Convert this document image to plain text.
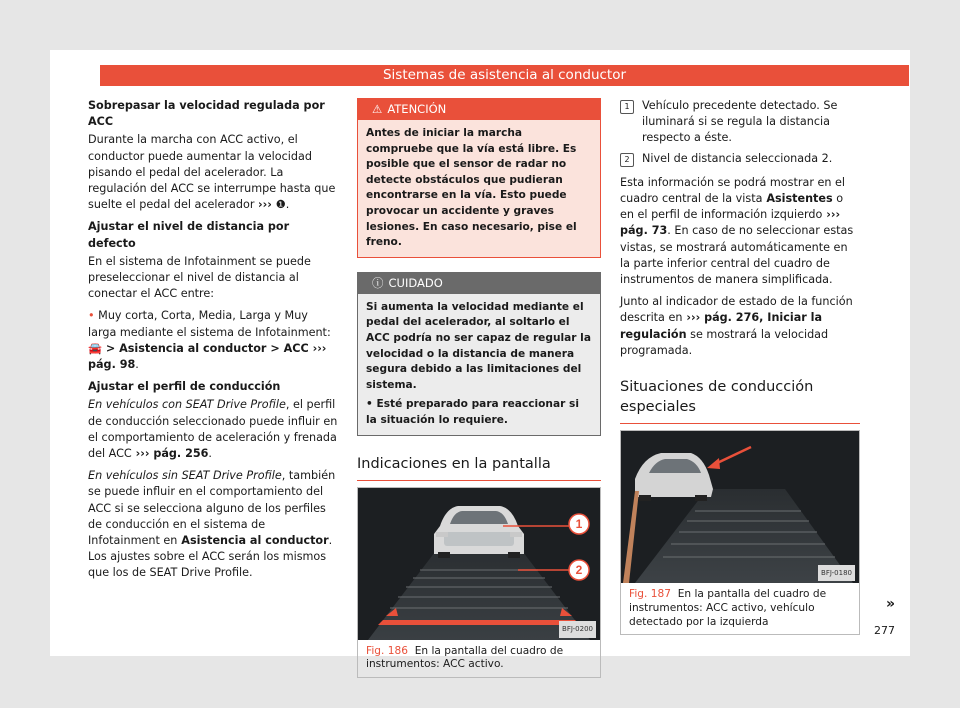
Sistemas de asistencia al conductor

Sobrepasar la velocidad regulada por ACC

Durante la marcha con ACC activo, el conductor puede aumentar la velocidad pisando el pedal del acelerador. La regulación del ACC se interrumpe hasta que suelte el pedal del acelerador ››› ❶.

Ajustar el nivel de distancia por defecto

En el sistema de Infotainment se puede preseleccionar el nivel de distancia al conectar el ACC entre:

• Muy corta, Corta, Media, Larga y Muy larga mediante el sistema de Infotainment: 🚘 > Asistencia al conductor > ACC ››› pág. 98.

Ajustar el perfil de conducción

En vehículos con SEAT Drive Profile, el perfil de conducción seleccionado puede influir en el comportamiento de aceleración y frenada del ACC ››› pág. 256.

En vehículos sin SEAT Drive Profile, también se puede influir en el comportamiento del ACC si se selecciona alguno de los perfiles de conducción en el sistema de Infotainment en Asistencia al conductor. Los ajustes sobre el ACC serán los mismos que los de SEAT Drive Profile.

⚠ ATENCIÓN
Antes de iniciar la marcha compruebe que la vía está libre. Es posible que el sensor de radar no detecte obstáculos que pudieran encontrarse en la vía. Esto puede provocar un accidente y graves lesiones. En caso necesario, pise el freno.
ⓘ CUIDADO
Si aumenta la velocidad mediante el pedal del acelerador, al soltarlo el ACC podría no ser capaz de regular la velocidad o la distancia de manera segura debido a las limitaciones del sistema.
• Esté preparado para reaccionar si la situación lo requiere.
Indicaciones en la pantalla
1
2
BFJ-0200
Fig. 186 En la pantalla del cuadro de instrumentos: ACC activo.
1	Vehículo precedente detectado. Se iluminará si se regula la distancia respecto a éste.
2	Nivel de distancia seleccionada 2.

Esta información se podrá mostrar en el cuadro central de la vista Asistentes o en el perfil de información izquierdo ››› pág. 73. En caso de no seleccionar estas vistas, se mostrará automáticamente en la parte inferior central del cuadro de instrumentos de manera simplificada.

Junto al indicador de estado de la función descrita en ››› pág. 276, Iniciar la regulación se mostrará la velocidad programada.

Situaciones de conducción especiales
BFJ-0180
Fig. 187 En la pantalla del cuadro de instrumentos: ACC activo, vehículo detectado por la izquierda
»
277
